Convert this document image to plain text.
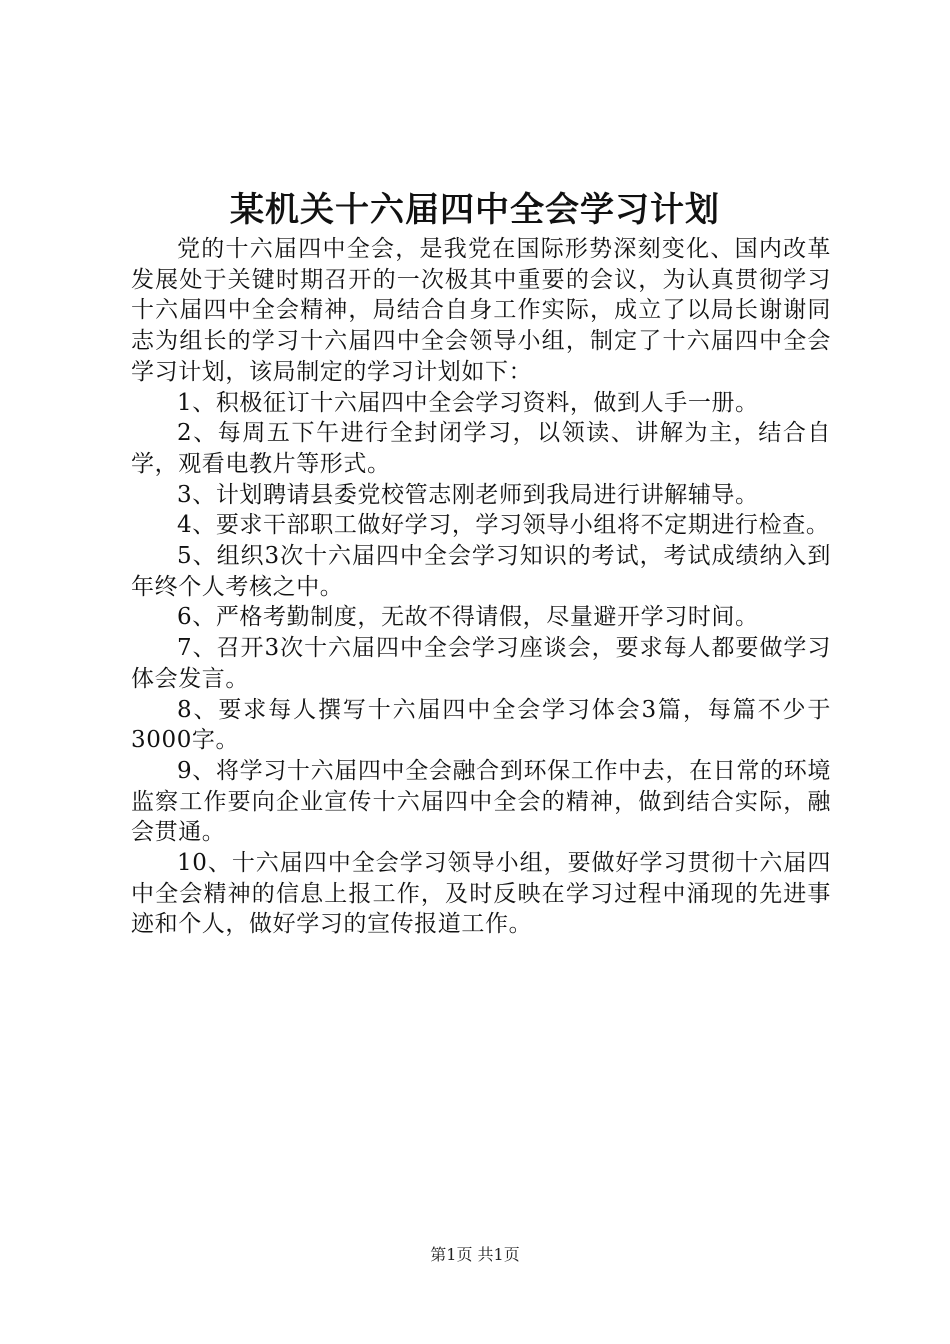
某机关十六届四中全会学习计划

党的十六届四中全会，是我党在国际形势深刻变化、国内改革发展处于关键时期召开的一次极其中重要的会议，为认真贯彻学习十六届四中全会精神，局结合自身工作实际，成立了以局长谢谢同志为组长的学习十六届四中全会领导小组，制定了十六届四中全会学习计划，该局制定的学习计划如下：

1、积极征订十六届四中全会学习资料，做到人手一册。

2、每周五下午进行全封闭学习，以领读、讲解为主，结合自学，观看电教片等形式。

3、计划聘请县委党校管志刚老师到我局进行讲解辅导。

4、要求干部职工做好学习，学习领导小组将不定期进行检查。

5、组织3次十六届四中全会学习知识的考试，考试成绩纳入到年终个人考核之中。

6、严格考勤制度，无故不得请假，尽量避开学习时间。

7、召开3次十六届四中全会学习座谈会，要求每人都要做学习体会发言。

8、要求每人撰写十六届四中全会学习体会3篇，每篇不少于3000字。

9、将学习十六届四中全会融合到环保工作中去，在日常的环境监察工作要向企业宣传十六届四中全会的精神，做到结合实际，融会贯通。

10、十六届四中全会学习领导小组，要做好学习贯彻十六届四中全会精神的信息上报工作，及时反映在学习过程中涌现的先进事迹和个人，做好学习的宣传报道工作。

第1页 共1页
